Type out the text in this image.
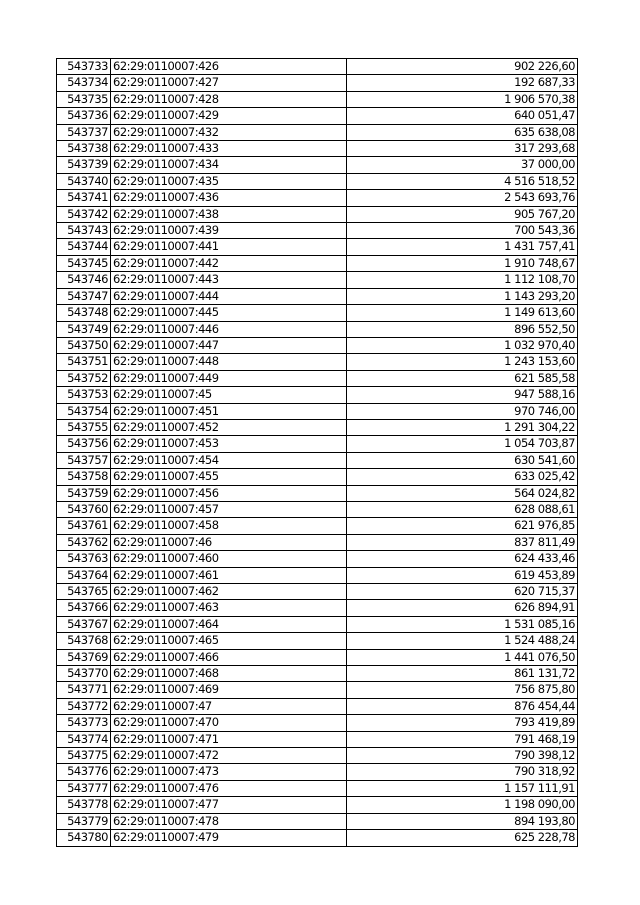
543733	62:29:0110007:426	902 226,60
543734	62:29:0110007:427	192 687,33
543735	62:29:0110007:428	1 906 570,38
543736	62:29:0110007:429	640 051,47
543737	62:29:0110007:432	635 638,08
543738	62:29:0110007:433	317 293,68
543739	62:29:0110007:434	37 000,00
543740	62:29:0110007:435	4 516 518,52
543741	62:29:0110007:436	2 543 693,76
543742	62:29:0110007:438	905 767,20
543743	62:29:0110007:439	700 543,36
543744	62:29:0110007:441	1 431 757,41
543745	62:29:0110007:442	1 910 748,67
543746	62:29:0110007:443	1 112 108,70
543747	62:29:0110007:444	1 143 293,20
543748	62:29:0110007:445	1 149 613,60
543749	62:29:0110007:446	896 552,50
543750	62:29:0110007:447	1 032 970,40
543751	62:29:0110007:448	1 243 153,60
543752	62:29:0110007:449	621 585,58
543753	62:29:0110007:45	947 588,16
543754	62:29:0110007:451	970 746,00
543755	62:29:0110007:452	1 291 304,22
543756	62:29:0110007:453	1 054 703,87
543757	62:29:0110007:454	630 541,60
543758	62:29:0110007:455	633 025,42
543759	62:29:0110007:456	564 024,82
543760	62:29:0110007:457	628 088,61
543761	62:29:0110007:458	621 976,85
543762	62:29:0110007:46	837 811,49
543763	62:29:0110007:460	624 433,46
543764	62:29:0110007:461	619 453,89
543765	62:29:0110007:462	620 715,37
543766	62:29:0110007:463	626 894,91
543767	62:29:0110007:464	1 531 085,16
543768	62:29:0110007:465	1 524 488,24
543769	62:29:0110007:466	1 441 076,50
543770	62:29:0110007:468	861 131,72
543771	62:29:0110007:469	756 875,80
543772	62:29:0110007:47	876 454,44
543773	62:29:0110007:470	793 419,89
543774	62:29:0110007:471	791 468,19
543775	62:29:0110007:472	790 398,12
543776	62:29:0110007:473	790 318,92
543777	62:29:0110007:476	1 157 111,91
543778	62:29:0110007:477	1 198 090,00
543779	62:29:0110007:478	894 193,80
543780	62:29:0110007:479	625 228,78
